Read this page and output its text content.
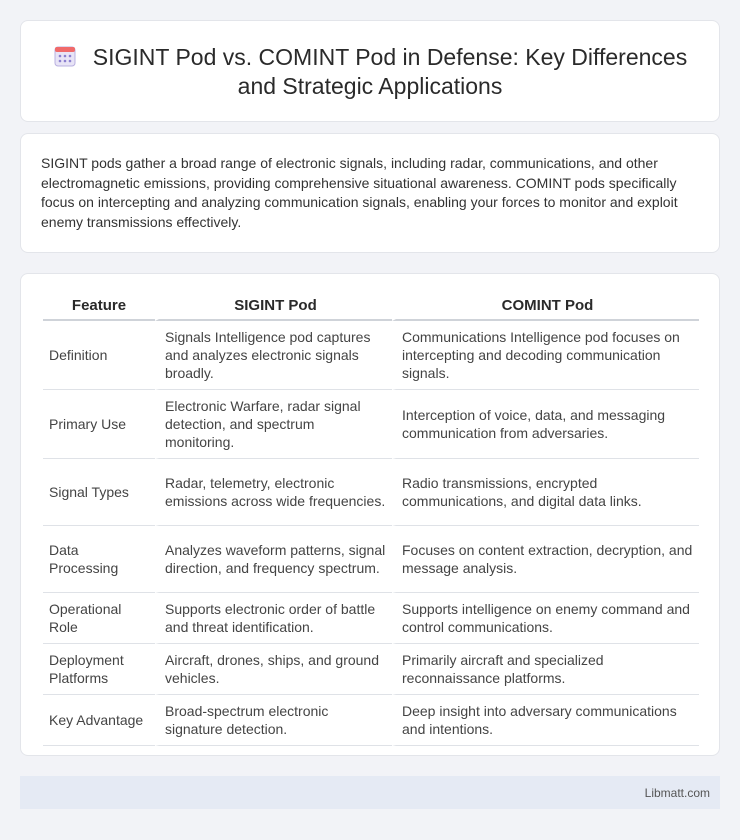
SIGINT Pod vs. COMINT Pod in Defense: Key Differences and Strategic Applications

SIGINT pods gather a broad range of electronic signals, including radar, communications, and other electromagnetic emissions, providing comprehensive situational awareness. COMINT pods specifically focus on intercepting and analyzing communication signals, enabling your forces to monitor and exploit enemy transmissions effectively.

Feature	SIGINT Pod	COMINT Pod
Definition	Signals Intelligence pod captures and analyzes electronic signals broadly.	Communications Intelligence pod focuses on intercepting and decoding communication signals.
Primary Use	Electronic Warfare, radar signal detection, and spectrum monitoring.	Interception of voice, data, and messaging communication from adversaries.
Signal Types	Radar, telemetry, electronic emissions across wide frequencies.	Radio transmissions, encrypted communications, and digital data links.
Data Processing	Analyzes waveform patterns, signal direction, and frequency spectrum.	Focuses on content extraction, decryption, and message analysis.
Operational Role	Supports electronic order of battle and threat identification.	Supports intelligence on enemy command and control communications.
Deployment Platforms	Aircraft, drones, ships, and ground vehicles.	Primarily aircraft and specialized reconnaissance platforms.
Key Advantage	Broad-spectrum electronic signature detection.	Deep insight into adversary communications and intentions.
Libmatt.com
